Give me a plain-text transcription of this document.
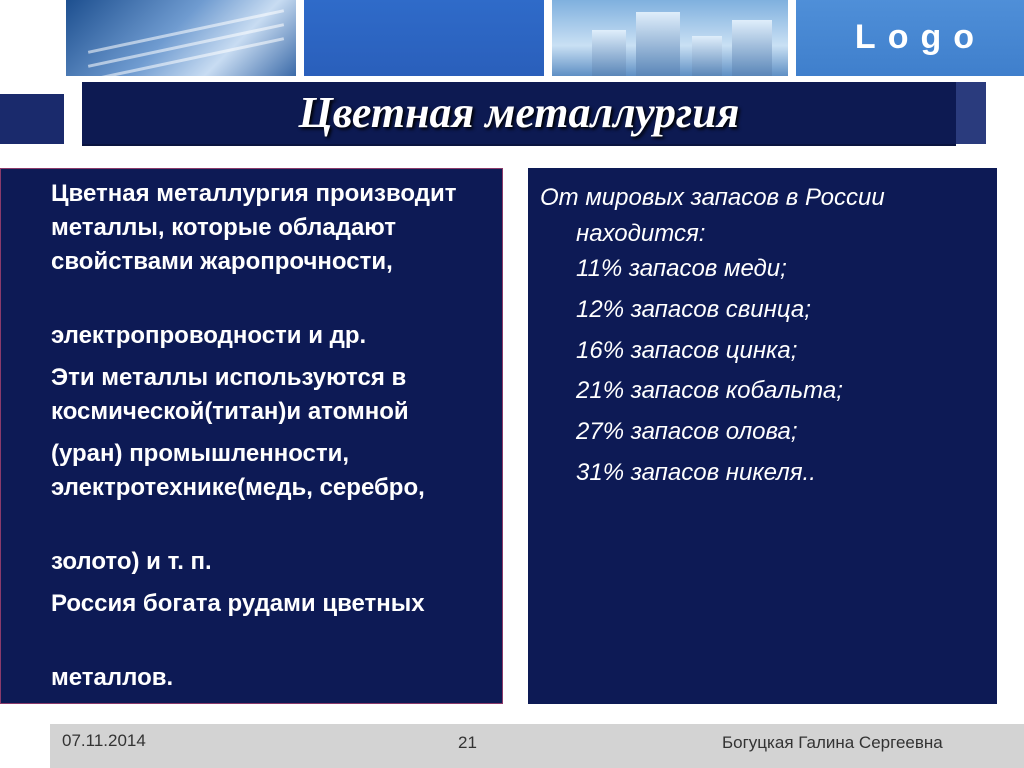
Logo
Цветная металлургия

Цветная металлургия производит металлы, которые обладают свойствами жаропрочности,

электропроводности и др.

Эти металлы используются в космической(титан)и атомной

(уран) промышленности, электротехнике(медь, серебро,

золото) и т. п.

Россия богата рудами цветных

металлов.

От мировых запасов в России
находится:
11% запасов меди;
12% запасов свинца;
16% запасов цинка;
21% запасов кобальта;
27% запасов олова;
31% запасов никеля..
07.11.2014	21	Богуцкая Галина Сергеевна
